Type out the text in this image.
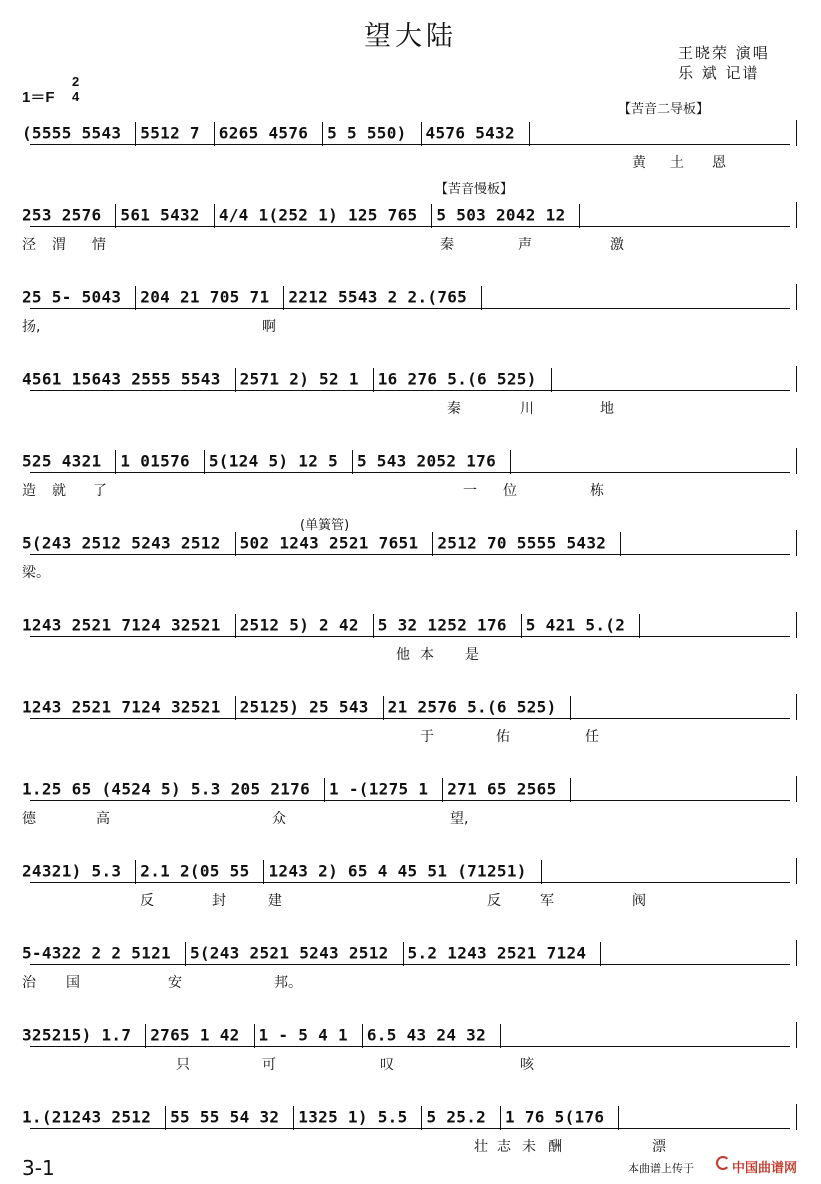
望大陆
王晓荣 演唱
乐 斌 记谱
1＝F
2
4
【苦音二导板】
(5555 5543 5512 7 6265 4576 5 5 550) 4576 5432
黄 土 恩
【苦音慢板】
253 2576 561 5432 4/4 1(252 1) 125 765 5 503 2042 12
泾 渭 情	秦	声	激
25 5- 5043 204 21 705 71 2212 5543 2 2.(765
扬,	啊
4561 15643 2555 5543 2571 2) 52 1 16 276 5.(6 525)
秦	川	地
525 4321 1 01576 5(124 5) 12 5 5 543 2052 176
造 就 了	一 位	栋
(单簧管)
5(243 2512 5243 2512 502 1243 2521 7651 2512 70 5555 5432
梁。
1243 2521 7124 32521 2512 5) 2 42 5 32 1252 176 5 421 5.(2
他 本 是
1243 2521 7124 32521 25125) 25 543 21 2576 5.(6 525)
于	佑	任
1.25 65 (4524 5) 5.3 205 2176 1 -(1275 1 271 65 2565
德	高	众	望,
24321) 5.3 2.1 2(05 55 1243 2) 65 4 45 51 (71251)
反	封	建	反	军	阀
5-4322 2 2 5121 5(243 2521 5243 2512 5.2 1243 2521 7124
治 国	安	邦。
325215) 1.7 2765 1 42 1 - 5 4 1 6.5 43 24 32
只	可	叹	咳
1.(21243 2512 55 55 54 32 1325 1) 5.5 5 25.2 1 76 5(176
壮 志 未 酬	漂
3-1	本曲谱上传于	中国曲谱网
